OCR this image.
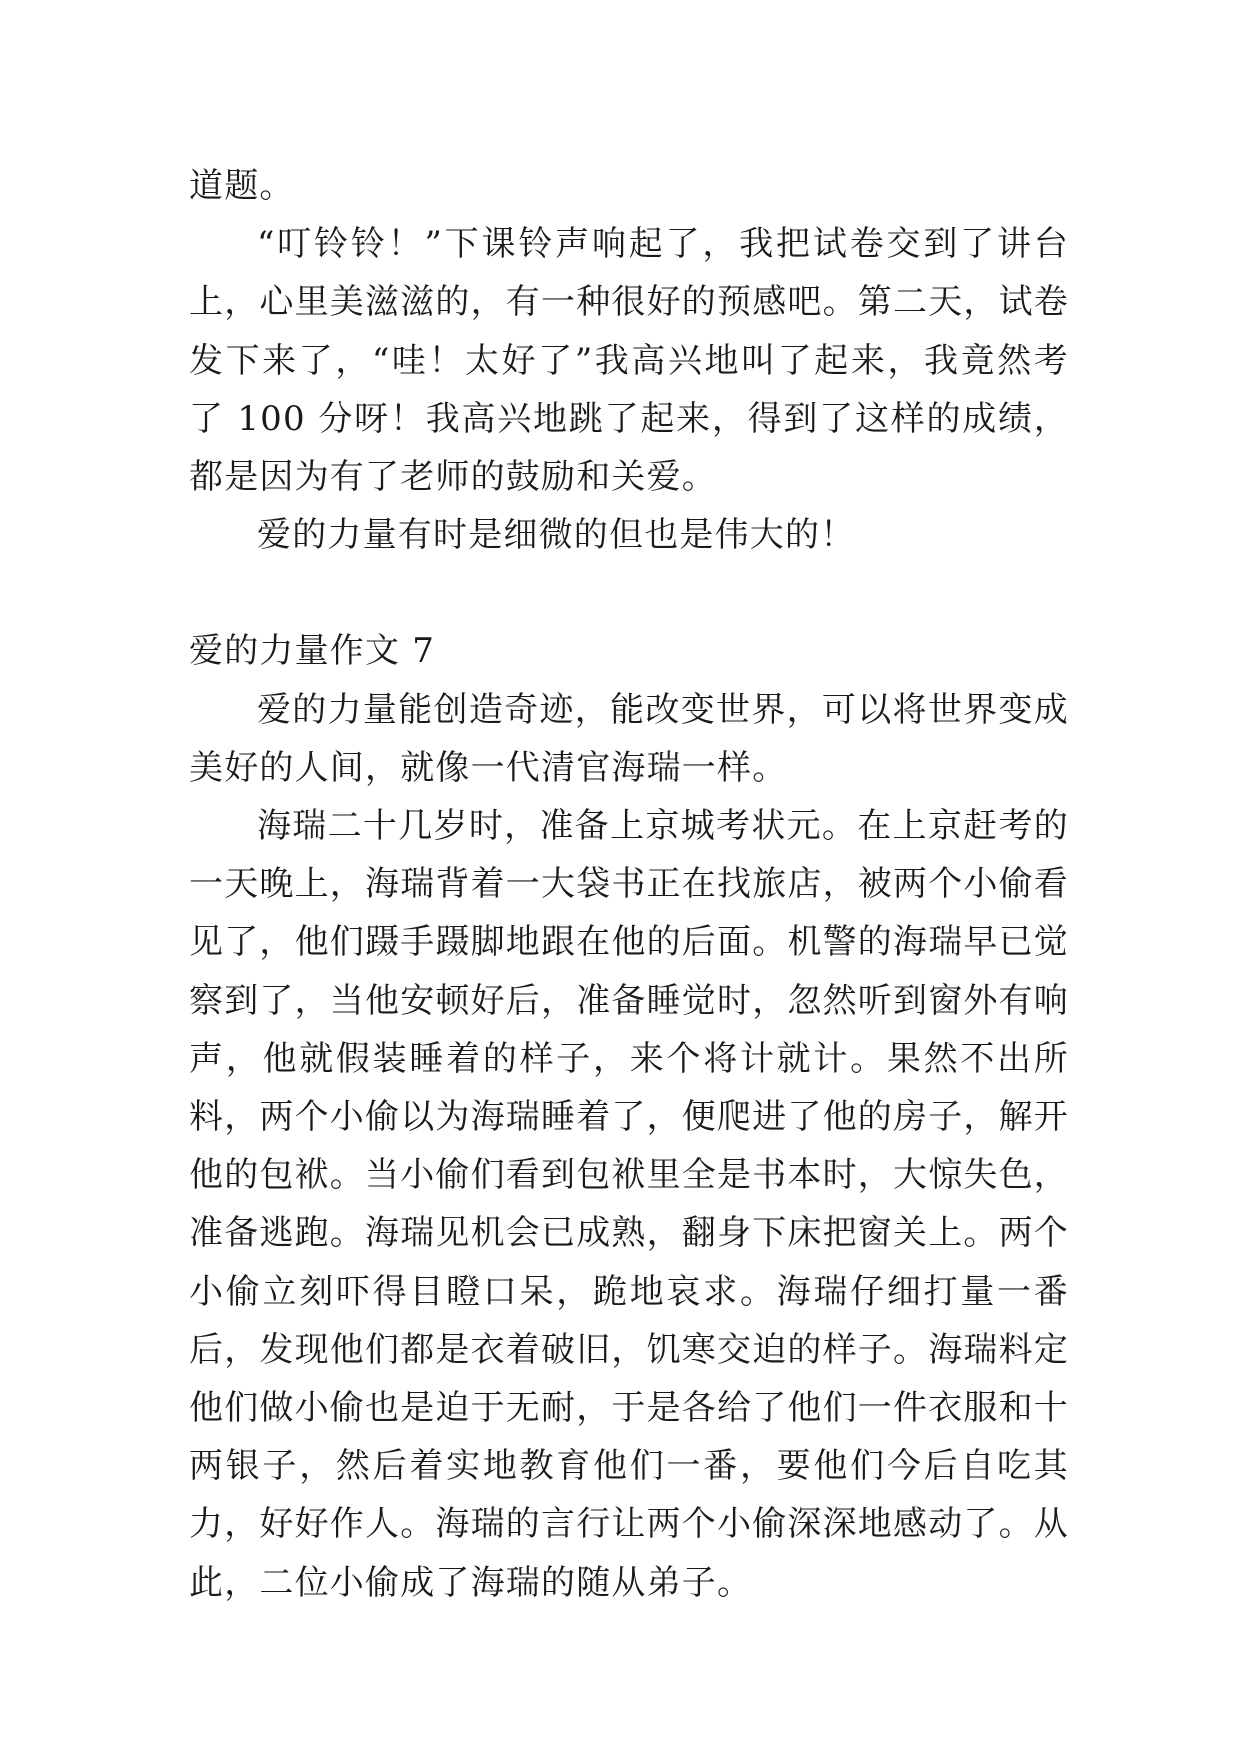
道题。

“叮铃铃！”下课铃声响起了，我把试卷交到了讲台上，心里美滋滋的，有一种很好的预感吧。第二天，试卷发下来了，“哇！太好了”我高兴地叫了起来，我竟然考了 100 分呀！我高兴地跳了起来，得到了这样的成绩，都是因为有了老师的鼓励和关爱。

爱的力量有时是细微的但也是伟大的！

爱的力量作文 7

爱的力量能创造奇迹，能改变世界，可以将世界变成美好的人间，就像一代清官海瑞一样。

海瑞二十几岁时，准备上京城考状元。在上京赶考的一天晚上，海瑞背着一大袋书正在找旅店，被两个小偷看见了，他们蹑手蹑脚地跟在他的后面。机警的海瑞早已觉察到了，当他安顿好后，准备睡觉时，忽然听到窗外有响声，他就假装睡着的样子，来个将计就计。果然不出所料，两个小偷以为海瑞睡着了，便爬进了他的房子，解开他的包袱。当小偷们看到包袱里全是书本时，大惊失色，准备逃跑。海瑞见机会已成熟，翻身下床把窗关上。两个小偷立刻吓得目瞪口呆，跪地哀求。海瑞仔细打量一番后，发现他们都是衣着破旧，饥寒交迫的样子。海瑞料定他们做小偷也是迫于无耐，于是各给了他们一件衣服和十两银子，然后着实地教育他们一番，要他们今后自吃其力，好好作人。海瑞的言行让两个小偷深深地感动了。从此，二位小偷成了海瑞的随从弟子。
